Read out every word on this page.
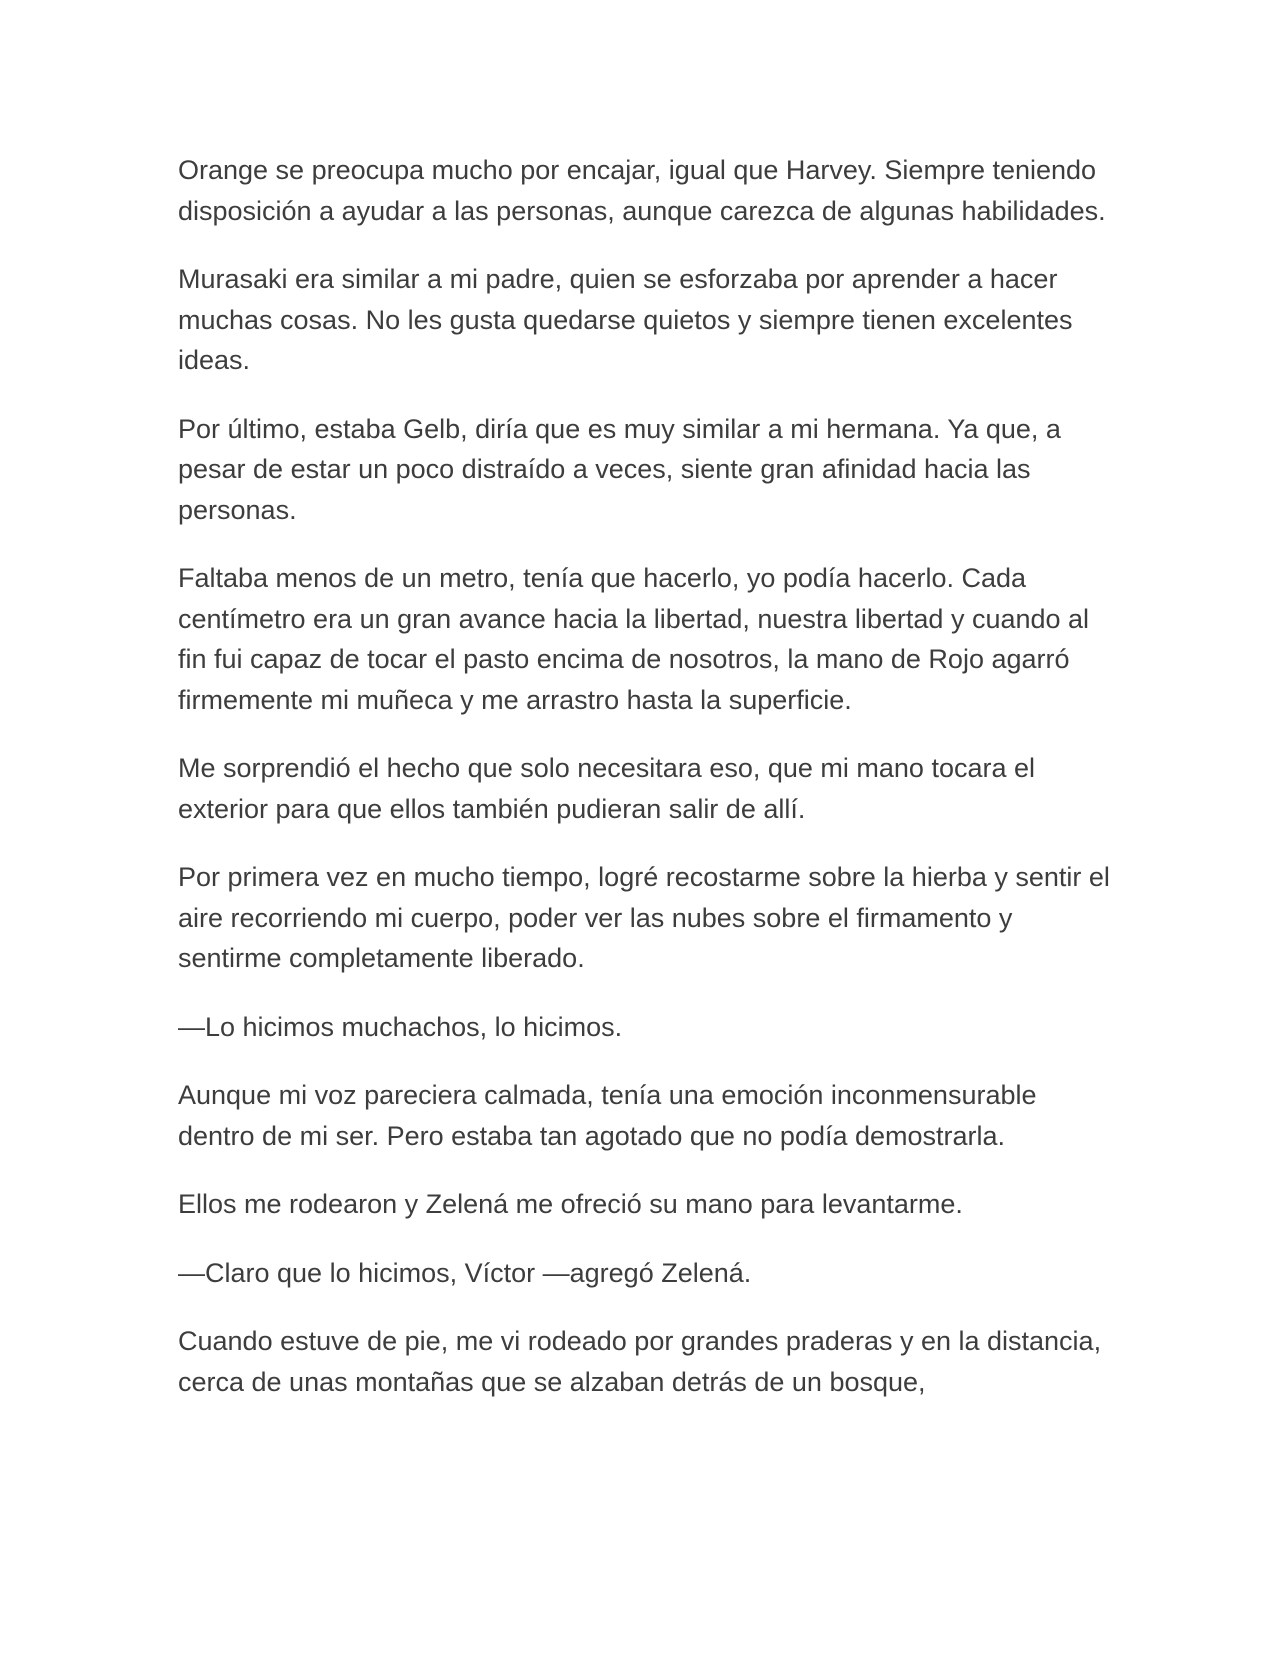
Orange se preocupa mucho por encajar, igual que Harvey. Siempre teniendo disposición a ayudar a las personas, aunque carezca de algunas habilidades.

Murasaki era similar a mi padre, quien se esforzaba por aprender a hacer muchas cosas. No les gusta quedarse quietos y siempre tienen excelentes ideas.

Por último, estaba Gelb, diría que es muy similar a mi hermana. Ya que, a pesar de estar un poco distraído a veces, siente gran afinidad hacia las personas.

Faltaba menos de un metro, tenía que hacerlo, yo podía hacerlo. Cada centímetro era un gran avance hacia la libertad, nuestra libertad y cuando al fin fui capaz de tocar el pasto encima de nosotros, la mano de Rojo agarró firmemente mi muñeca y me arrastro hasta la superficie.

Me sorprendió el hecho que solo necesitara eso, que mi mano tocara el exterior para que ellos también pudieran salir de allí.

Por primera vez en mucho tiempo, logré recostarme sobre la hierba y sentir el aire recorriendo mi cuerpo, poder ver las nubes sobre el firmamento y sentirme completamente liberado.

—Lo hicimos muchachos, lo hicimos.

Aunque mi voz pareciera calmada, tenía una emoción inconmensurable dentro de mi ser. Pero estaba tan agotado que no podía demostrarla.

Ellos me rodearon y Zelená me ofreció su mano para levantarme.

—Claro que lo hicimos, Víctor —agregó Zelená.

Cuando estuve de pie, me vi rodeado por grandes praderas y en la distancia, cerca de unas montañas que se alzaban detrás de un bosque,
